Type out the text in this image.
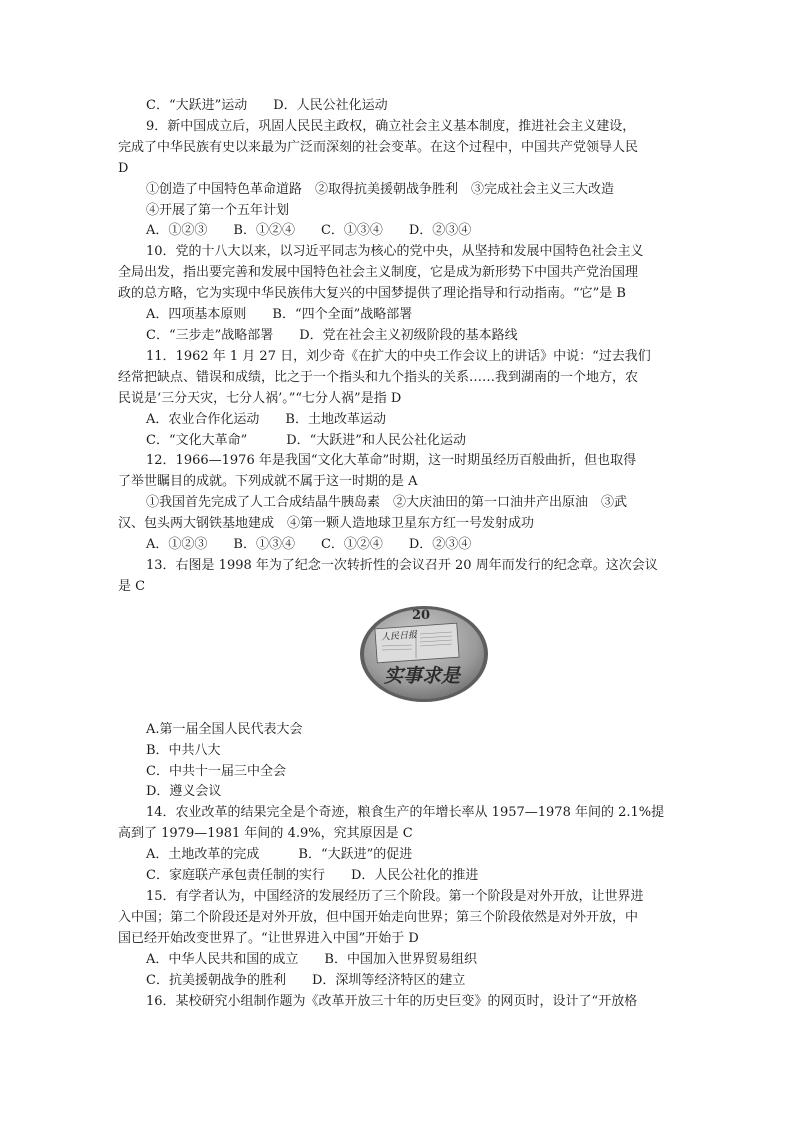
C．“大跃进”运动　　D．人民公社化运动
9．新中国成立后，巩固人民民主政权，确立社会主义基本制度，推进社会主义建设，
完成了中华民族有史以来最为广泛而深刻的社会变革。在这个过程中，中国共产党领导人民
D
①创造了中国特色革命道路　②取得抗美援朝战争胜利　③完成社会主义三大改造
④开展了第一个五年计划
A．①②③　　B．①②④　　C．①③④　　D．②③④
10．党的十八大以来，以习近平同志为核心的党中央，从坚持和发展中国特色社会主义
全局出发，指出要完善和发展中国特色社会主义制度，它是成为新形势下中国共产党治国理
政的总方略，它为实现中华民族伟大复兴的中国梦提供了理论指导和行动指南。“它”是 B
A．四项基本原则　　B．“四个全面”战略部署
C．“三步走”战略部署　　D．党在社会主义初级阶段的基本路线
11．1962 年 1 月 27 日，刘少奇《在扩大的中央工作会议上的讲话》中说：“过去我们
经常把缺点、错误和成绩，比之于一个指头和九个指头的关系……我到湖南的一个地方，农
民说是‘三分天灾，七分人祸’。”“七分人祸”是指 D
A．农业合作化运动　　B．土地改革运动
C．“文化大革命”　　　D．“大跃进”和人民公社化运动
12．1966—1976 年是我国“文化大革命”时期，这一时期虽经历百般曲折，但也取得
了举世瞩目的成就。下列成就不属于这一时期的是 A
①我国首先完成了人工合成结晶牛胰岛素　②大庆油田的第一口油井产出原油　③武
汉、包头两大钢铁基地建成　④第一颗人造地球卫星东方红一号发射成功
A．①②③　　B．①③④　　C．①②④　　D．②③④
13．右图是 1998 年为了纪念一次转折性的会议召开 20 周年而发行的纪念章。这次会议
是 C
20
人民日报
实事求是
A.第一届全国人民代表大会
B．中共八大
C．中共十一届三中全会
D．遵义会议
14．农业改革的结果完全是个奇迹，粮食生产的年增长率从 1957—1978 年间的 2.1%提
高到了 1979—1981 年间的 4.9%，究其原因是 C
A．土地改革的完成　　　B．“大跃进”的促进
C．家庭联产承包责任制的实行　　D．人民公社化的推进
15．有学者认为，中国经济的发展经历了三个阶段。第一个阶段是对外开放，让世界进
入中国；第二个阶段还是对外开放，但中国开始走向世界；第三个阶段依然是对外开放，中
国已经开始改变世界了。“让世界进入中国”开始于 D
A．中华人民共和国的成立　　B．中国加入世界贸易组织
C．抗美援朝战争的胜利　　D．深圳等经济特区的建立
16．某校研究小组制作题为《改革开放三十年的历史巨变》的网页时，设计了“开放格
